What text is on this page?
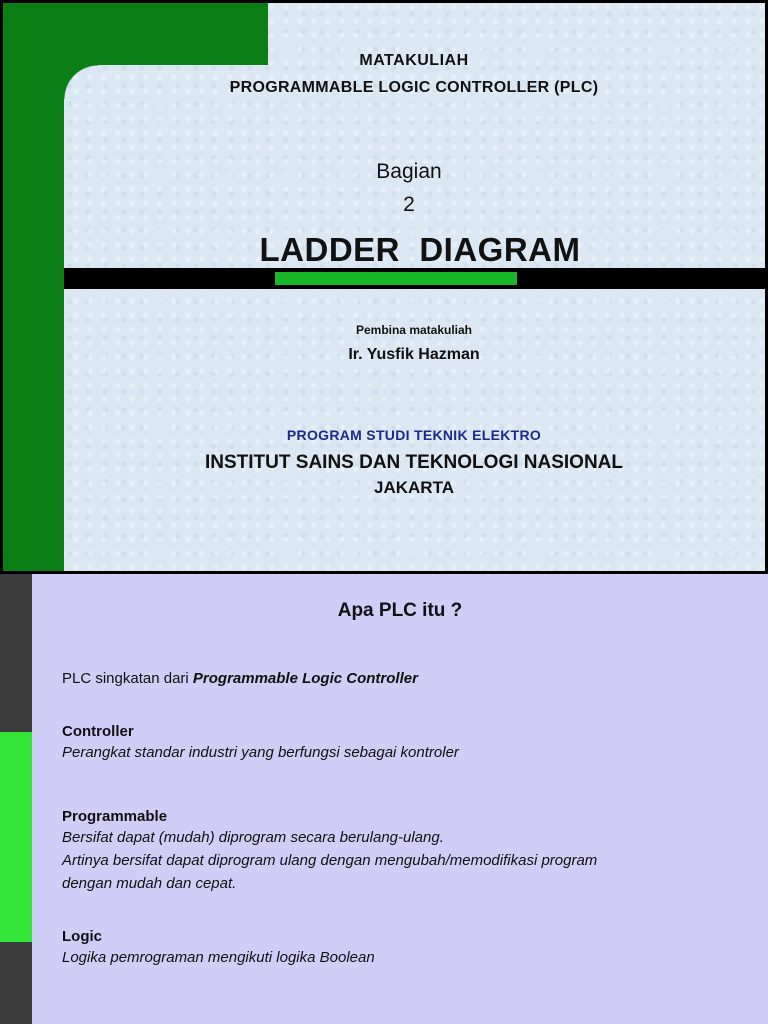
MATAKULIAH

PROGRAMMABLE LOGIC CONTROLLER (PLC)

Bagian

2

LADDER  DIAGRAM

Pembina matakuliah

Ir. Yusfik Hazman

PROGRAM STUDI TEKNIK ELEKTRO

INSTITUT SAINS DAN TEKNOLOGI NASIONAL

JAKARTA

Apa PLC itu ?

PLC singkatan dari Programmable Logic Controller

Controller

Perangkat standar industri yang berfungsi sebagai kontroler

Programmable

Bersifat dapat (mudah) diprogram secara berulang-ulang.

Artinya bersifat dapat diprogram ulang dengan mengubah/memodifikasi program

dengan mudah dan cepat.

Logic

Logika pemrograman mengikuti logika Boolean
